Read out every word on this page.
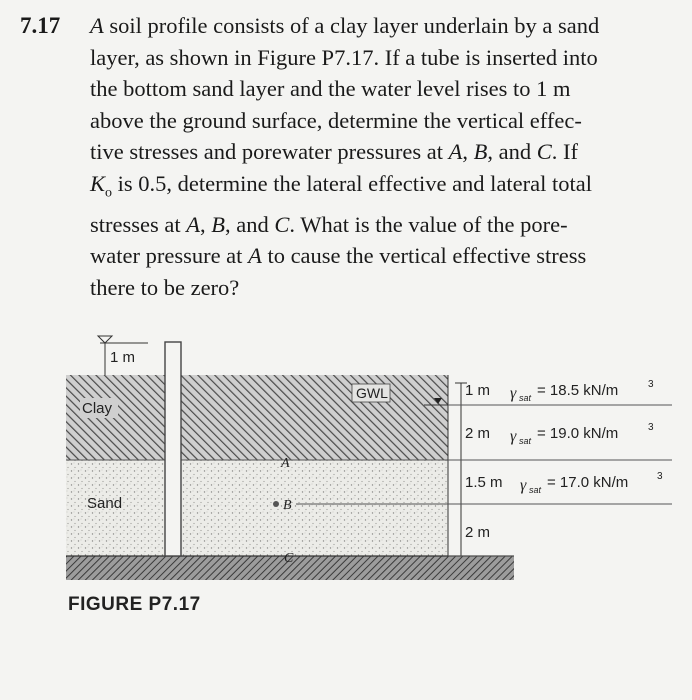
7.17 A soil profile consists of a clay layer underlain by a sand
layer, as shown in Figure P7.17. If a tube is inserted into
the bottom sand layer and the water level rises to 1 m
above the ground surface, determine the vertical effec-
tive stresses and porewater pressures at A, B, and C. If
$K_o$ is 0.5, determine the lateral effective and lateral total
stresses at A, B, and C. What is the value of the pore-
water pressure at A to cause the vertical effective stress
there to be zero?
1 m
Clay
Sand
GWL
A
B
C
1 m γ sat = 18.5 kN/m	3
2 m γ sat = 19.0 kN/m	3
1.5 m γ sat = 17.0 kN/m	3
2 m
FIGURE P7.17
